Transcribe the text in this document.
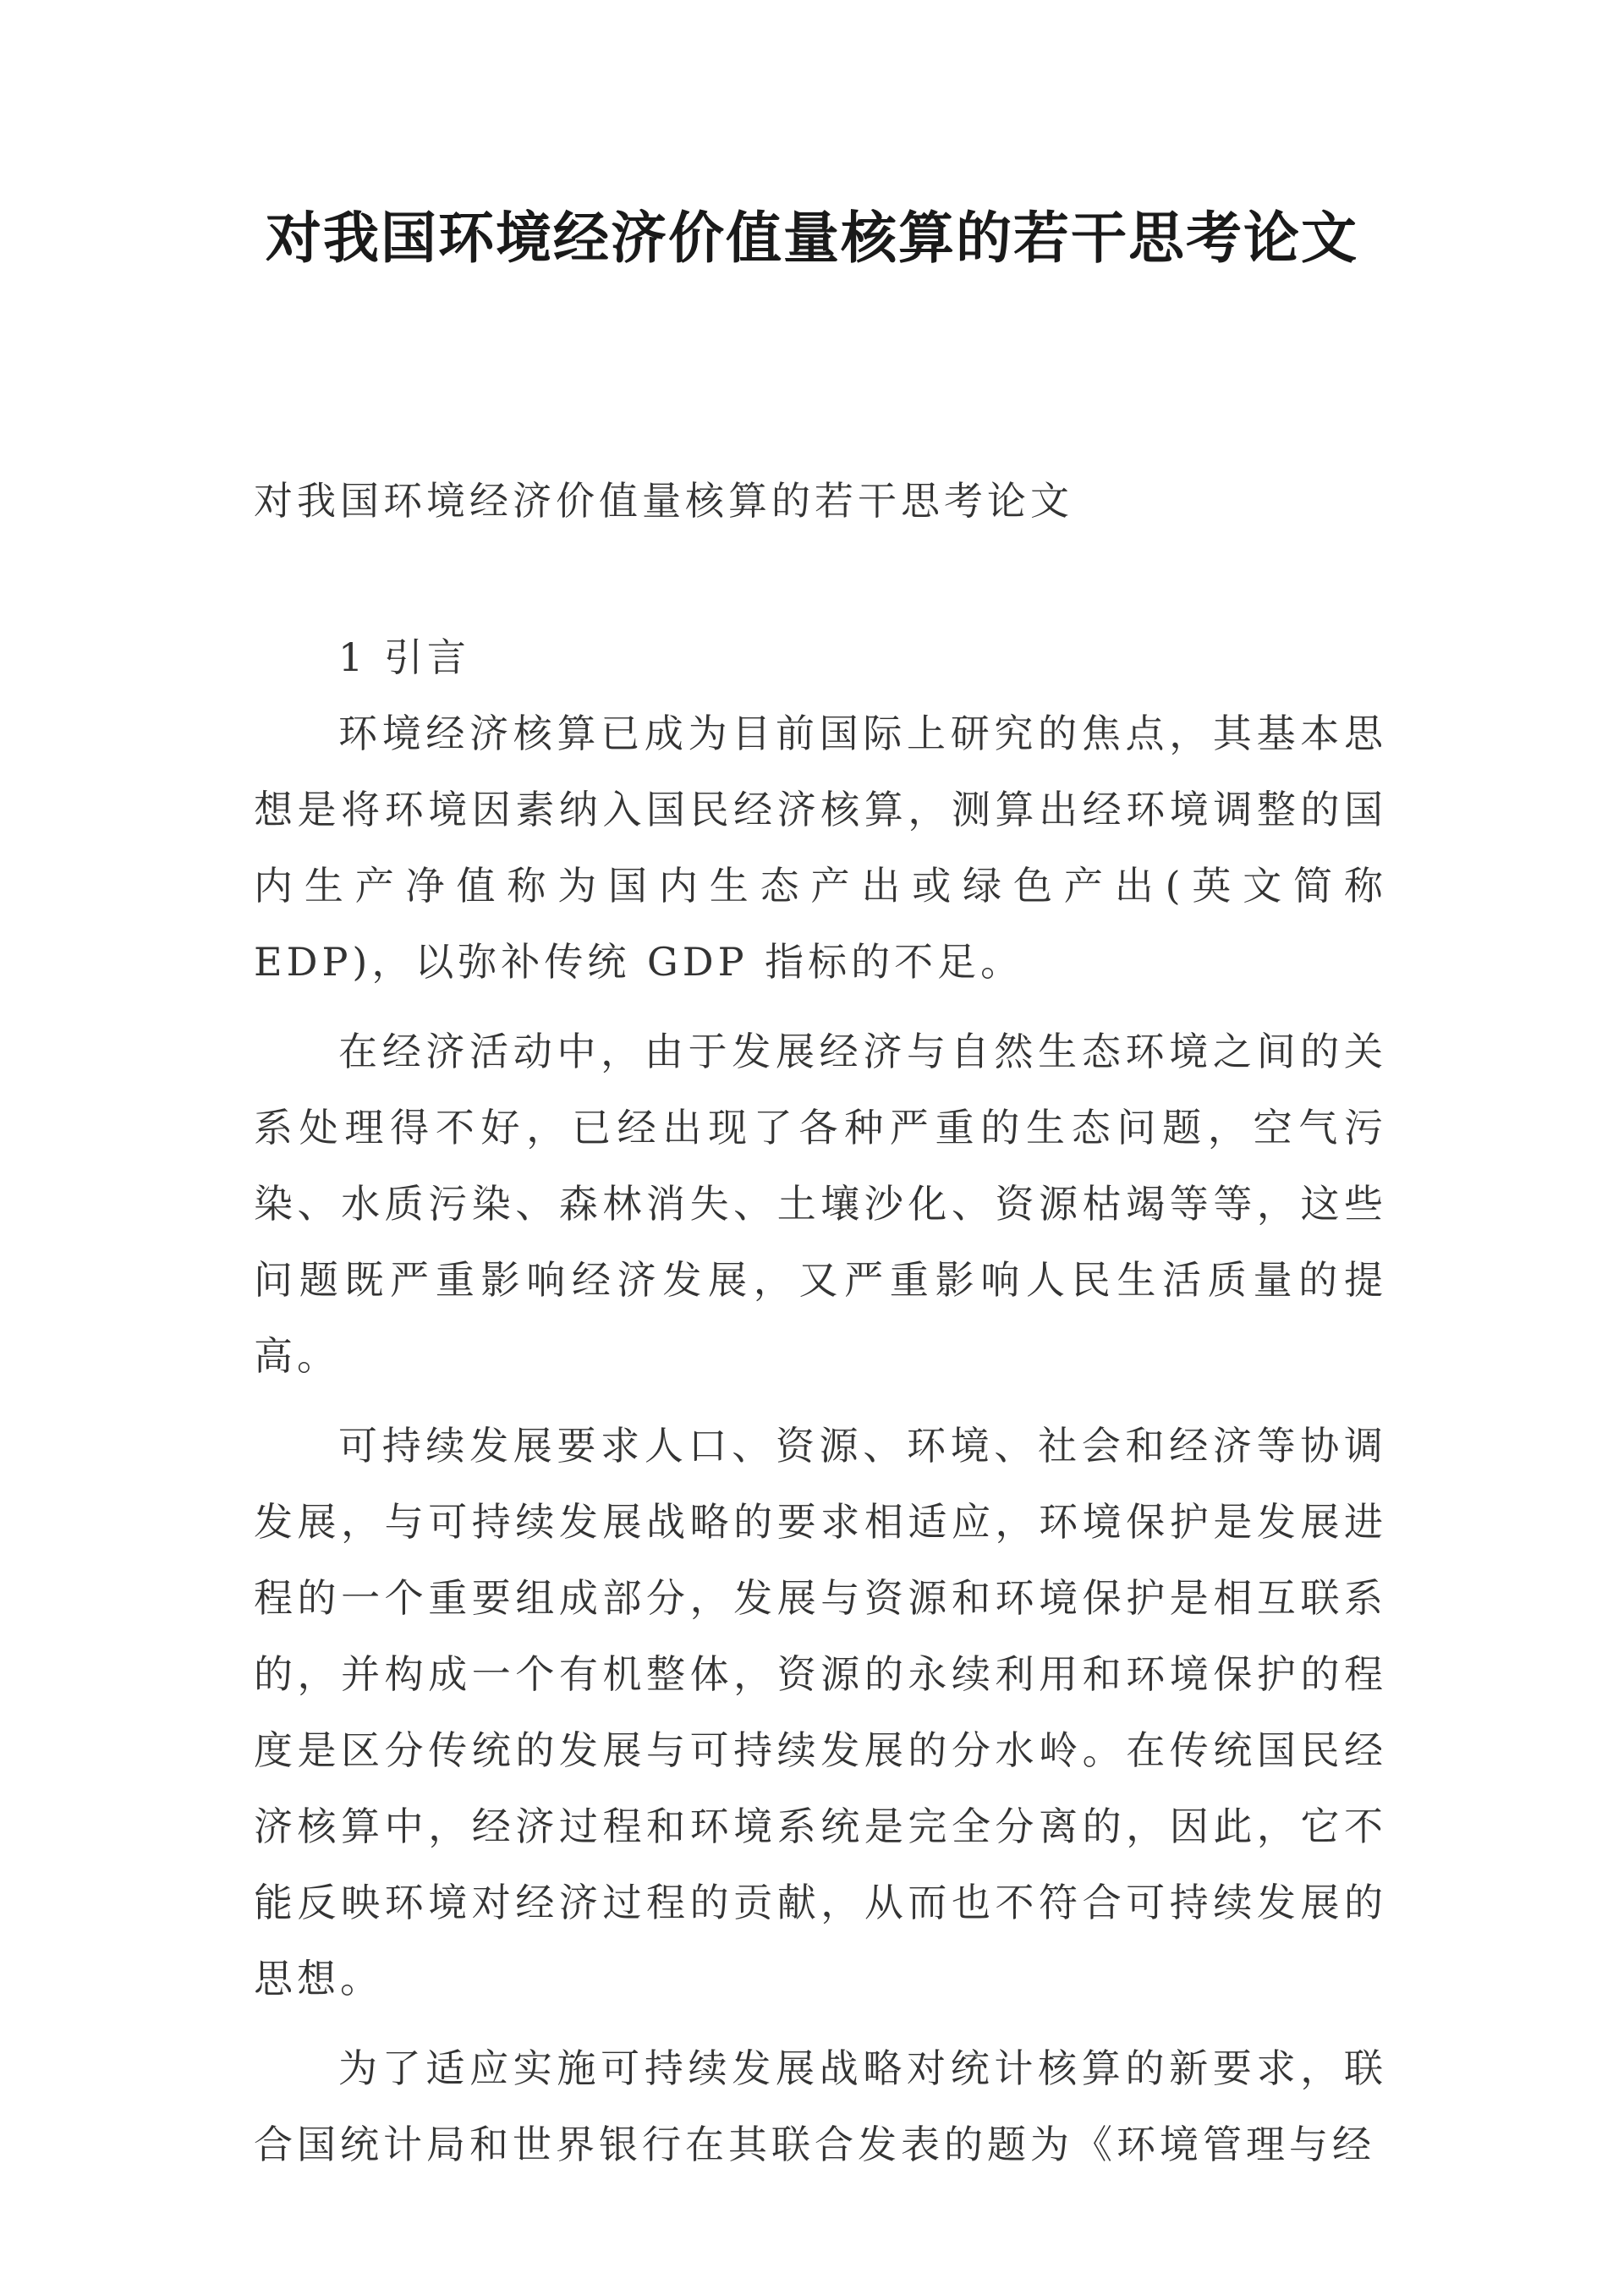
对我国环境经济价值量核算的若干思考论文

对我国环境经济价值量核算的若干思考论文

1 引言

环境经济核算已成为目前国际上研究的焦点，其基本思想是将环境因素纳入国民经济核算，测算出经环境调整的国内生产净值称为国内生态产出或绿色产出(英文简称 EDP)，以弥补传统 GDP 指标的不足。

在经济活动中，由于发展经济与自然生态环境之间的关系处理得不好，已经出现了各种严重的生态问题，空气污染、水质污染、森林消失、土壤沙化、资源枯竭等等，这些问题既严重影响经济发展，又严重影响人民生活质量的提高。

可持续发展要求人口、资源、环境、社会和经济等协调发展，与可持续发展战略的要求相适应，环境保护是发展进程的一个重要组成部分，发展与资源和环境保护是相互联系的，并构成一个有机整体，资源的永续利用和环境保护的程度是区分传统的发展与可持续发展的分水岭。在传统国民经济核算中，经济过程和环境系统是完全分离的，因此，它不能反映环境对经济过程的贡献，从而也不符合可持续发展的思想。

为了适应实施可持续发展战略对统计核算的新要求，联合国统计局和世界银行在其联合发表的题为《环境管理与经
